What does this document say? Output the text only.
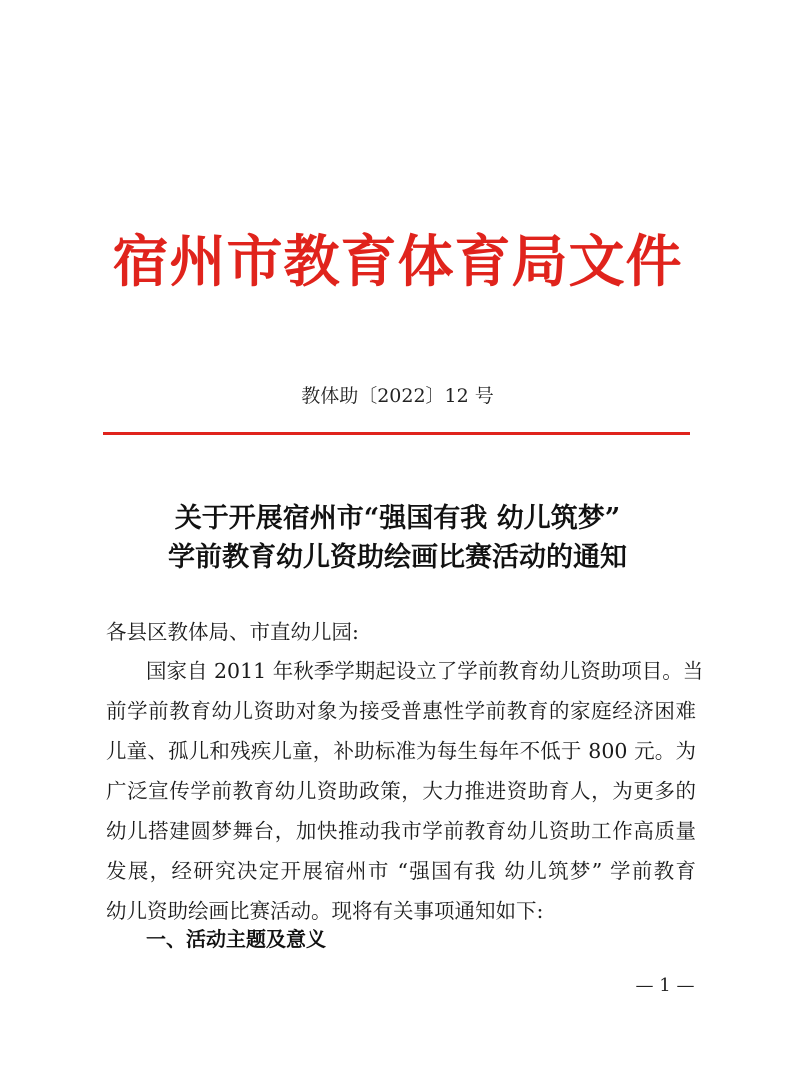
宿州市教育体育局文件
教体助〔2022〕12 号
关于开展宿州市“强国有我 幼儿筑梦”
学前教育幼儿资助绘画比赛活动的通知
各县区教体局、市直幼儿园:
国家自 2011 年秋季学期起设立了学前教育幼儿资助项目。当
前学前教育幼儿资助对象为接受普惠性学前教育的家庭经济困难
儿童、孤儿和残疾儿童，补助标准为每生每年不低于 800 元。为
广泛宣传学前教育幼儿资助政策，大力推进资助育人，为更多的
幼儿搭建圆梦舞台，加快推动我市学前教育幼儿资助工作高质量
发展，经研究决定开展宿州市 “强国有我 幼儿筑梦” 学前教育
幼儿资助绘画比赛活动。现将有关事项通知如下:
一、活动主题及意义
— 1 —
